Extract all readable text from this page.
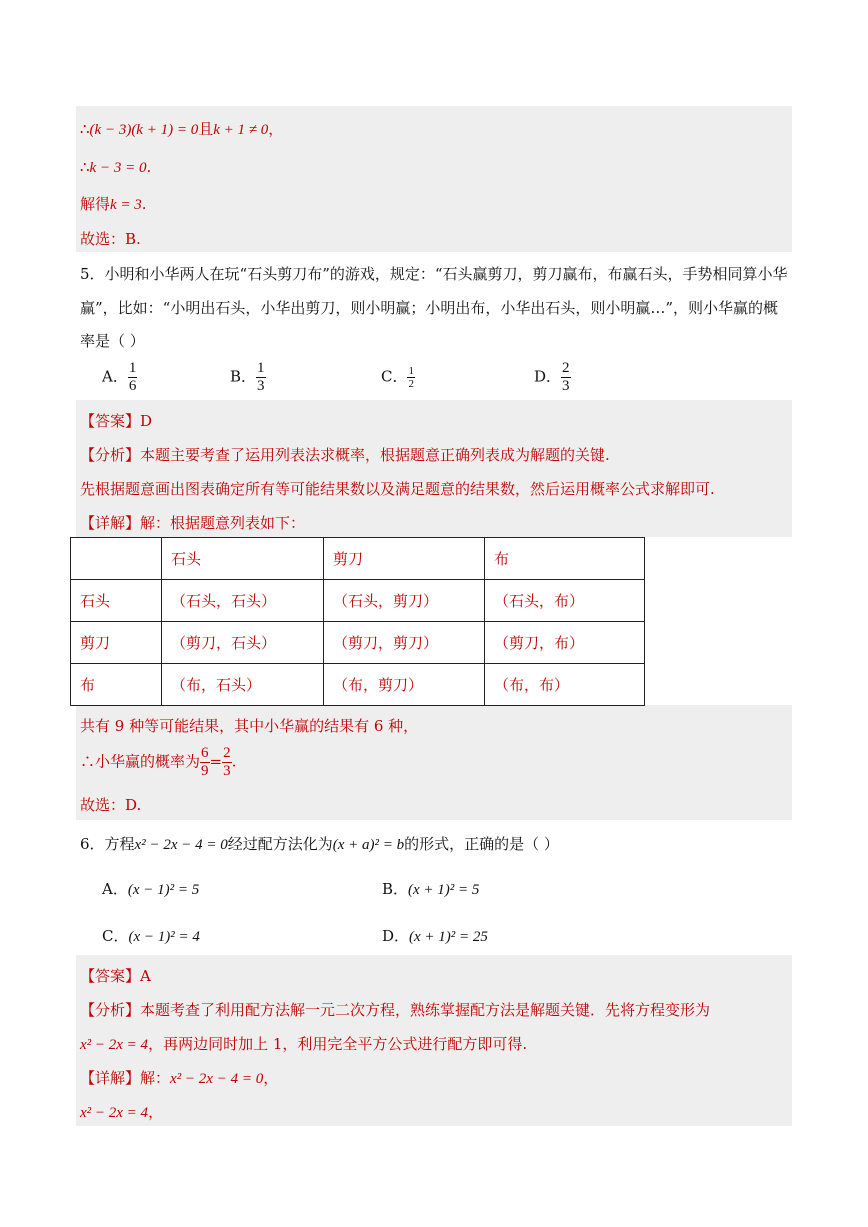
∴(k − 3)(k + 1) = 0且k + 1 ≠ 0，
∴k − 3 = 0.
解得k = 3.
故选：B.
5．小明和小华两人在玩“石头剪刀布”的游戏，规定：“石头赢剪刀，剪刀赢布，布赢石头，手势相同算小华
赢”，比如：“小明出石头，小华出剪刀，则小明赢；小明出布，小华出石头，则小明赢…”，则小华赢的概
率是（ ）
A． $\frac{1}{6}$	B． $\frac{1}{3}$	C． $\frac{1}{2}$	D． $\frac{2}{3}$
【答案】D
【分析】本题主要考查了运用列表法求概率，根据题意正确列表成为解题的关键.
先根据题意画出图表确定所有等可能结果数以及满足题意的结果数，然后运用概率公式求解即可.
【详解】解：根据题意列表如下：
	石头	剪刀	布
石头	（石头，石头）	（石头，剪刀）	（石头，布）
剪刀	（剪刀，石头）	（剪刀，剪刀）	（剪刀，布）
布	（布，石头）	（布，剪刀）	（布，布）
共有 9 种等可能结果，其中小华赢的结果有 6 种，
∴小华赢的概率为 $\frac{6}{9} = \frac{2}{3}$ .
故选：D.
6．方程x² − 2x − 4 = 0经过配方法化为(x + a)² = b的形式，正确的是（ ）
A．(x − 1)² = 5	B．(x + 1)² = 5
C．(x − 1)² = 4	D．(x + 1)² = 25
【答案】A
【分析】本题考查了利用配方法解一元二次方程，熟练掌握配方法是解题关键．先将方程变形为
x² − 2x = 4，再两边同时加上 1，利用完全平方公式进行配方即可得.
【详解】解：x² − 2x − 4 = 0，
x² − 2x = 4，
